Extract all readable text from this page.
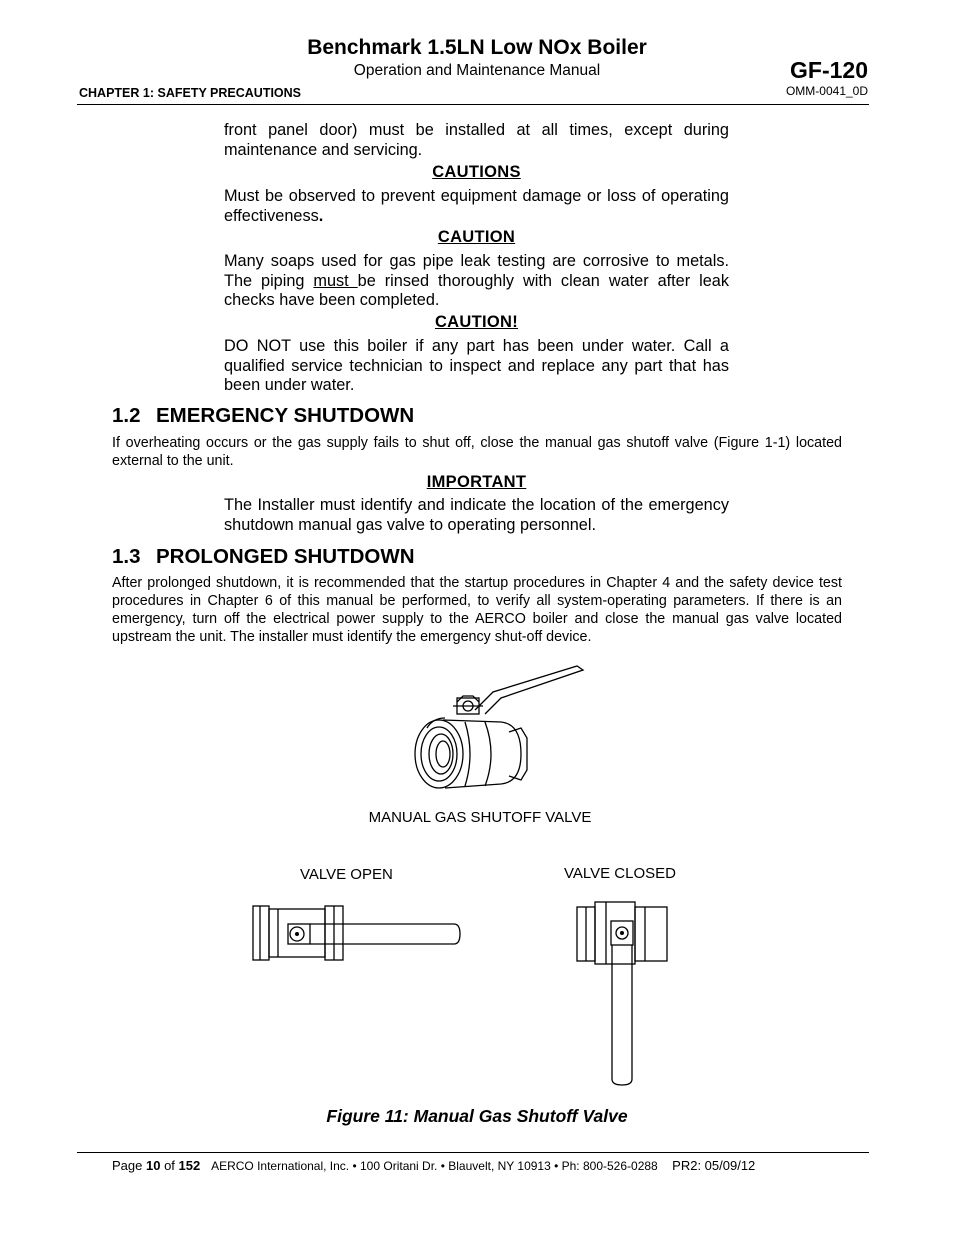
Benchmark 1.5LN Low NOx Boiler
Operation and Maintenance Manual	GF-120
OMM-0041_0D
CHAPTER 1: SAFETY PRECAUTIONS
front panel door) must be installed at all times, except during maintenance and servicing.
CAUTIONS
Must be observed to prevent equipment damage or loss of operating effectiveness.
CAUTION
Many soaps used for gas pipe leak testing are corrosive to metals. The piping must be rinsed thoroughly with clean water after leak checks have been completed.
CAUTION!
DO NOT use this boiler if any part has been under water. Call a qualified service technician to inspect and replace any part that has been under water.
1.2 EMERGENCY SHUTDOWN
If overheating occurs or the gas supply fails to shut off, close the manual gas shutoff valve (Figure 1-1) located external to the unit.
IMPORTANT
The Installer must identify and indicate the location of the emergency shutdown manual gas valve to operating personnel.
1.3 PROLONGED SHUTDOWN
After prolonged shutdown, it is recommended that the startup procedures in Chapter 4 and the safety device test procedures in Chapter 6 of this manual be performed, to verify all system-operating parameters. If there is an emergency, turn off the electrical power supply to the AERCO boiler and close the manual gas valve located upstream the unit. The installer must identify the emergency shut-off device.
MANUAL GAS SHUTOFF VALVE
VALVE OPEN	VALVE CLOSED
Figure 11: Manual Gas Shutoff Valve
Page 10 of 152 AERCO International, Inc. • 100 Oritani Dr. • Blauvelt, NY 10913 • Ph: 800-526-0288 PR2: 05/09/12
